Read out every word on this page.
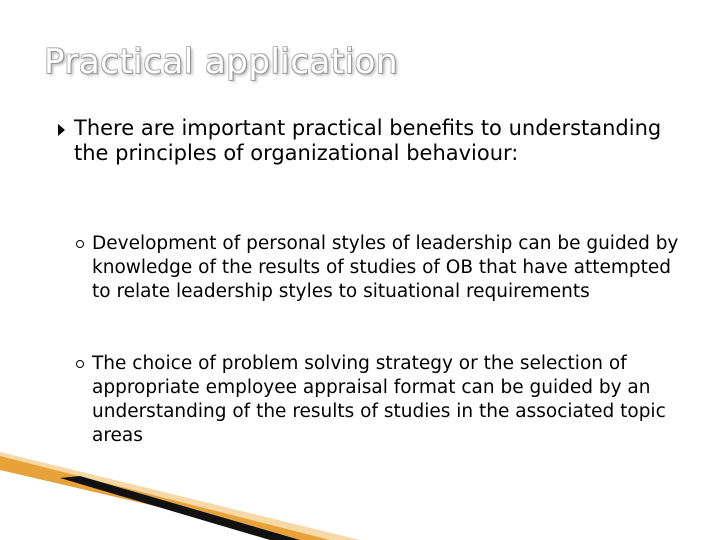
Practical application
There are important practical benefits to understanding the principles of organizational behaviour:
Development of personal styles of leadership can be guided by knowledge of the results of studies of OB that have attempted to relate leadership styles to situational requirements
The choice of problem solving strategy or the selection of appropriate employee appraisal format can be guided by an understanding of the results of studies in the associated topic areas
